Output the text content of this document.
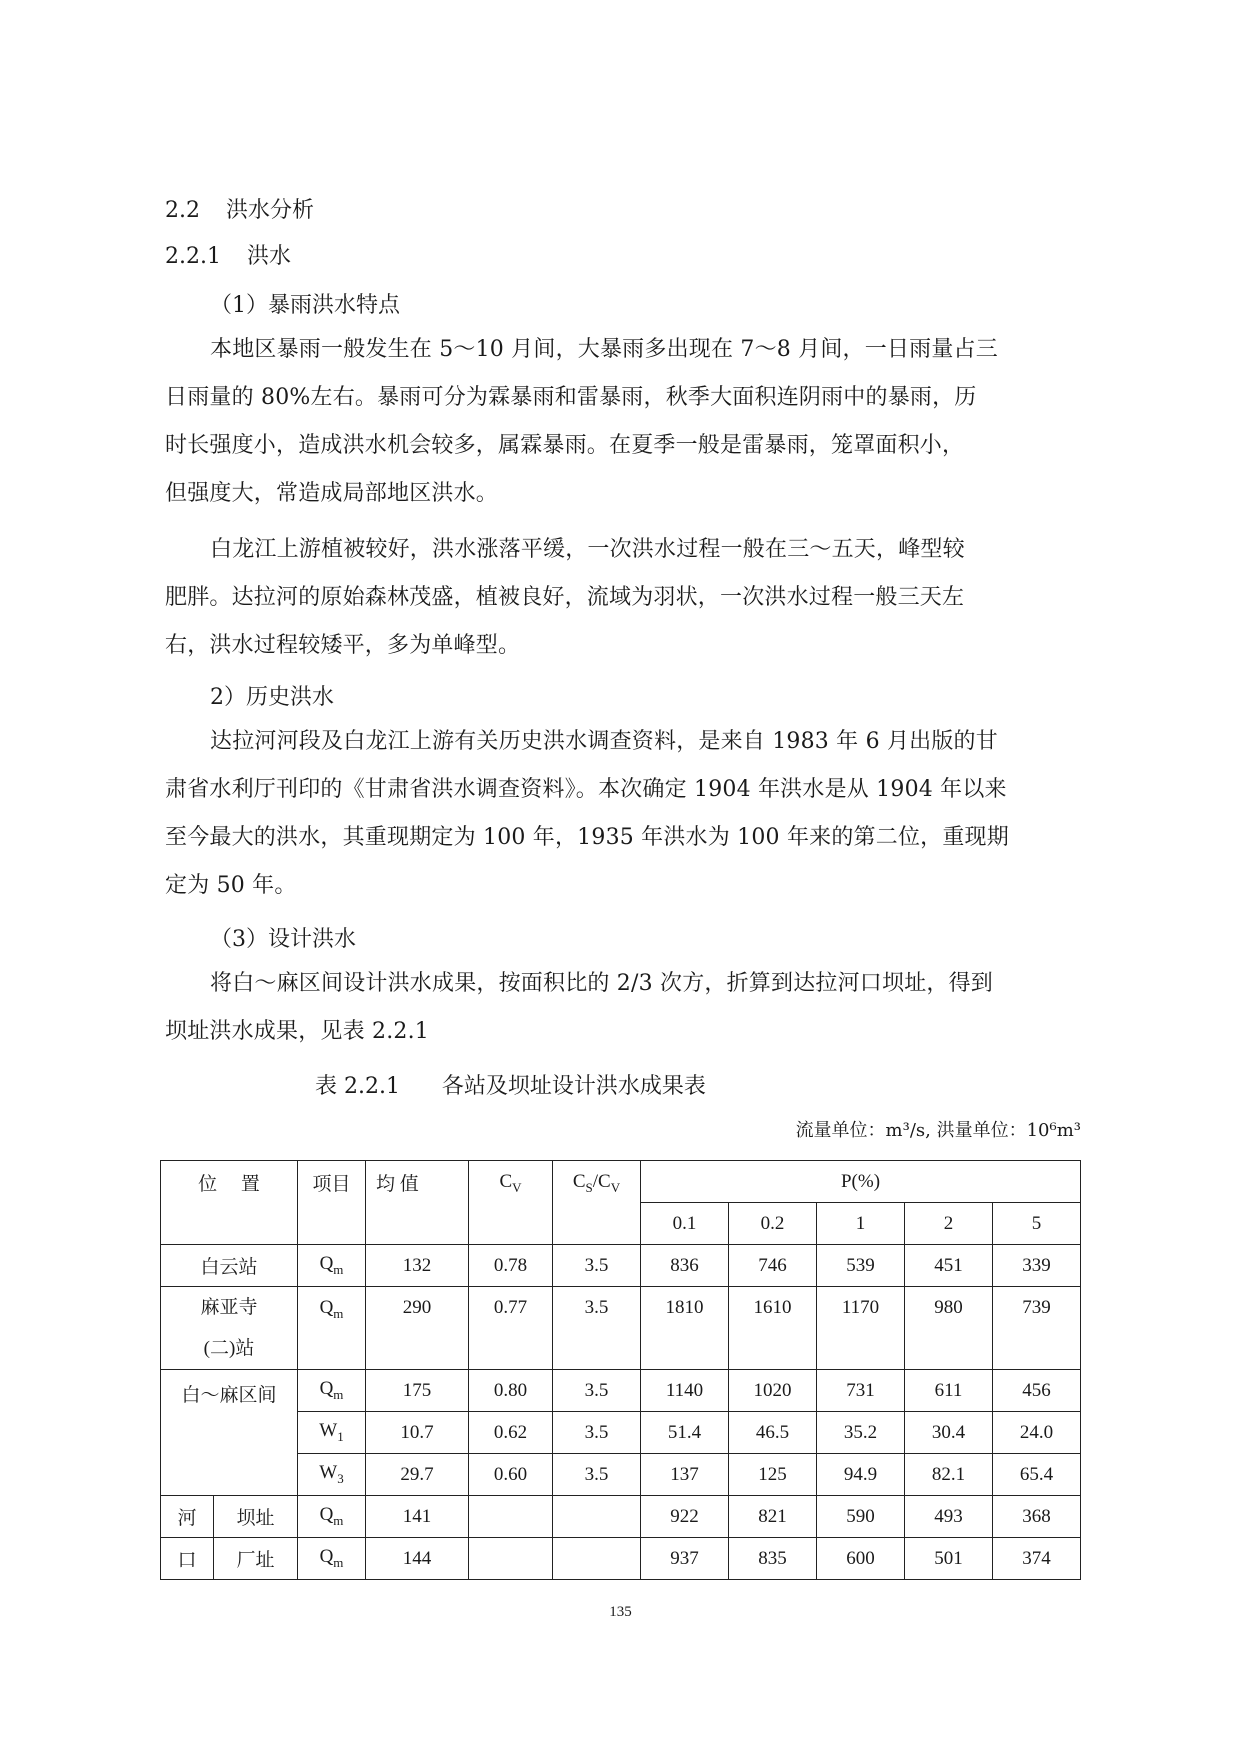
2.2 洪水分析
2.2.1 洪水
（1）暴雨洪水特点
本地区暴雨一般发生在 5～10 月间，大暴雨多出现在 7～8 月间，一日雨量占三
日雨量的 80%左右。暴雨可分为霖暴雨和雷暴雨，秋季大面积连阴雨中的暴雨，历
时长强度小，造成洪水机会较多，属霖暴雨。在夏季一般是雷暴雨，笼罩面积小，
但强度大，常造成局部地区洪水。
白龙江上游植被较好，洪水涨落平缓，一次洪水过程一般在三～五天，峰型较
肥胖。达拉河的原始森林茂盛，植被良好，流域为羽状，一次洪水过程一般三天左
右，洪水过程较矮平，多为单峰型。
2）历史洪水
达拉河河段及白龙江上游有关历史洪水调查资料，是来自 1983 年 6 月出版的甘
肃省水利厅刊印的《甘肃省洪水调查资料》。本次确定 1904 年洪水是从 1904 年以来
至今最大的洪水，其重现期定为 100 年，1935 年洪水为 100 年来的第二位，重现期
定为 50 年。
（3）设计洪水
将白～麻区间设计洪水成果，按面积比的 2/3 次方，折算到达拉河口坝址，得到
坝址洪水成果，见表 2.2.1
表 2.2.1      各站及坝址设计洪水成果表
流量单位：m³/s, 洪量单位：10⁶m³
位　 置		项目	均 值	$C_V$	$C_S/C_V$	P(%)				
						0.1	0.2	1	2	5
白云站		$Q_m$	132	0.78	3.5	836	746	539	451	339
麻亚寺
(二)站		$Q_m$	290	0.77	3.5	1810	1610	1170	980	739
白～麻区间		$Q_m$	175	0.80	3.5	1140	1020	731	611	456
		$W_1$	10.7	0.62	3.5	51.4	46.5	35.2	30.4	24.0
		$W_3$	29.7	0.60	3.5	137	125	94.9	82.1	65.4
河	坝址	$Q_m$	141			922	821	590	493	368
口	厂址	$Q_m$	144			937	835	600	501	374
135
